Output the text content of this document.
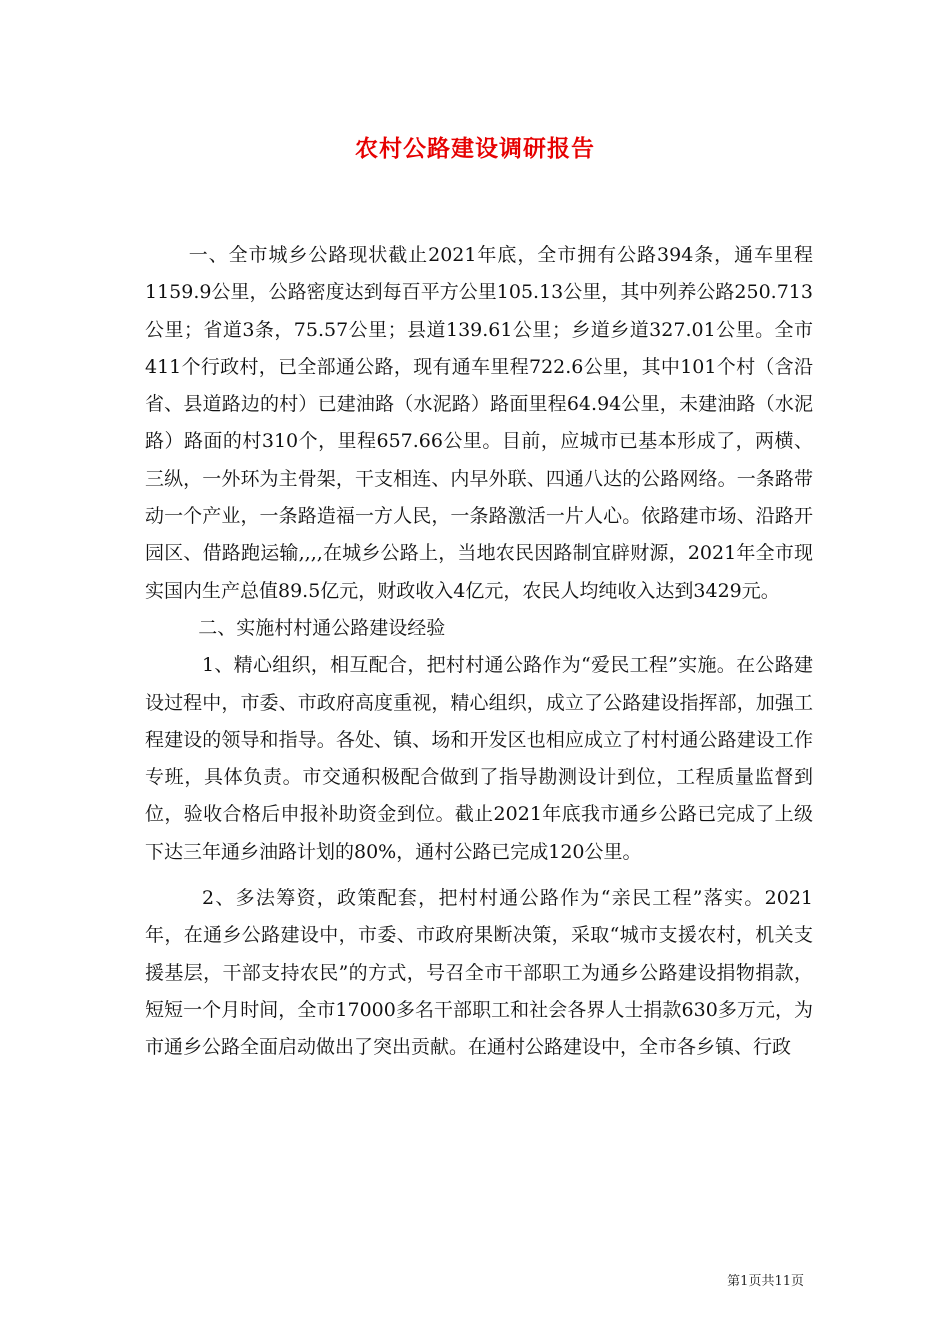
农村公路建设调研报告

一、全市城乡公路现状截止2021年底，全市拥有公路394条，通车里程1159.9公里，公路密度达到每百平方公里105.13公里，其中列养公路250.713公里；省道3条，75.57公里；县道139.61公里；乡道乡道327.01公里。全市411个行政村，已全部通公路，现有通车里程722.6公里，其中101个村（含沿省、县道路边的村）已建油路（水泥路）路面里程64.94公里，未建油路（水泥路）路面的村310个，里程657.66公里。目前，应城市已基本形成了，两横、三纵，一外环为主骨架，干支相连、内早外联、四通八达的公路网络。一条路带动一个产业，一条路造福一方人民，一条路激活一片人心。依路建市场、沿路开园区、借路跑运输,,,,在城乡公路上，当地农民因路制宜辟财源，2021年全市现实国内生产总值89.5亿元，财政收入4亿元，农民人均纯收入达到3429元。

二、实施村村通公路建设经验

1、精心组织，相互配合，把村村通公路作为“爱民工程”实施。在公路建设过程中，市委、市政府高度重视，精心组织，成立了公路建设指挥部，加强工程建设的领导和指导。各处、镇、场和开发区也相应成立了村村通公路建设工作专班，具体负责。市交通积极配合做到了指导勘测设计到位，工程质量监督到位，验收合格后申报补助资金到位。截止2021年底我市通乡公路已完成了上级下达三年通乡油路计划的80%，通村公路已完成120公里。

2、多法筹资，政策配套，把村村通公路作为“亲民工程”落实。2021年，在通乡公路建设中，市委、市政府果断决策，采取“城市支援农村，机关支援基层，干部支持农民”的方式，号召全市干部职工为通乡公路建设捐物捐款，短短一个月时间，全市17000多名干部职工和社会各界人士捐款630多万元，为市通乡公路全面启动做出了突出贡献。在通村公路建设中，全市各乡镇、行政

第1页共11页
